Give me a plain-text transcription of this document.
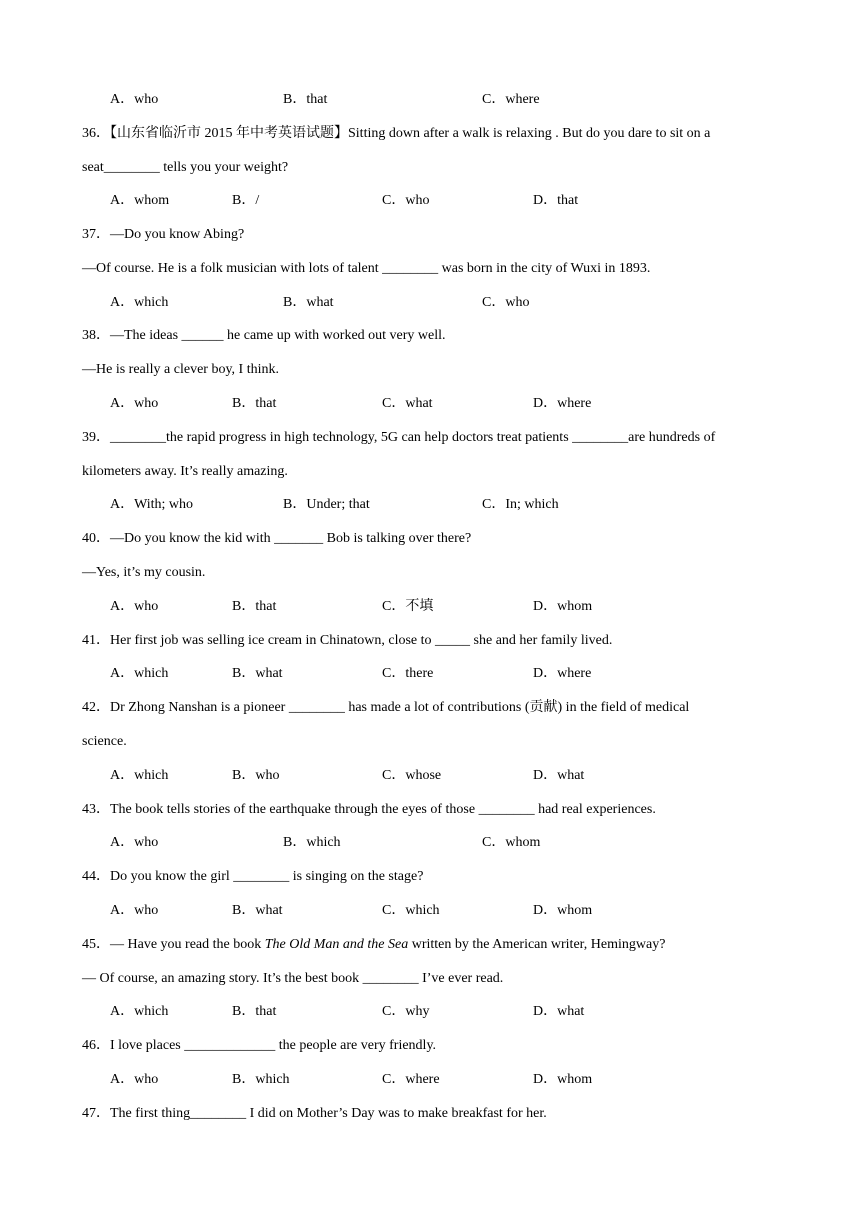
A．who	B．that	C．where
36．【山东省临沂市 2015 年中考英语试题】Sitting down after a walk is relaxing . But do you dare to sit on a
seat________ tells you your weight?
A．whom	B．/	C．who	D．that
37．—Do you know Abing?
—Of course. He is a folk musician with lots of talent ________ was born in the city of Wuxi in 1893.
A．which	B．what	C．who
38．—The ideas ______ he came up with worked out very well.
—He is really a clever boy, I think.
A．who	B．that	C．what	D．where
39．________the rapid progress in high technology, 5G can help doctors treat patients ________are hundreds of
kilometers away. It’s really amazing.
A．With; who	B．Under; that	C．In; which
40．—Do you know the kid with _______ Bob is talking over there?
—Yes, it’s my cousin.
A．who	B．that	C．不填	D．whom
41．Her first job was selling ice cream in Chinatown, close to _____ she and her family lived.
A．which	B．what	C．there	D．where
42．Dr Zhong Nanshan is a pioneer ________ has made a lot of contributions (贡献) in the field of medical
science.
A．which	B．who	C．whose	D．what
43．The book tells stories of the earthquake through the eyes of those ________ had real experiences.
A．who	B．which	C．whom
44．Do you know the girl ________ is singing on the stage?
A．who	B．what	C．which	D．whom
45．— Have you read the book The Old Man and the Sea written by the American writer, Hemingway?
— Of course, an amazing story. It’s the best book ________ I’ve ever read.
A．which	B．that	C．why	D．what
46．I love places _____________ the people are very friendly.
A．who	B．which	C．where	D．whom
47．The first thing________ I did on Mother’s Day was to make breakfast for her.
